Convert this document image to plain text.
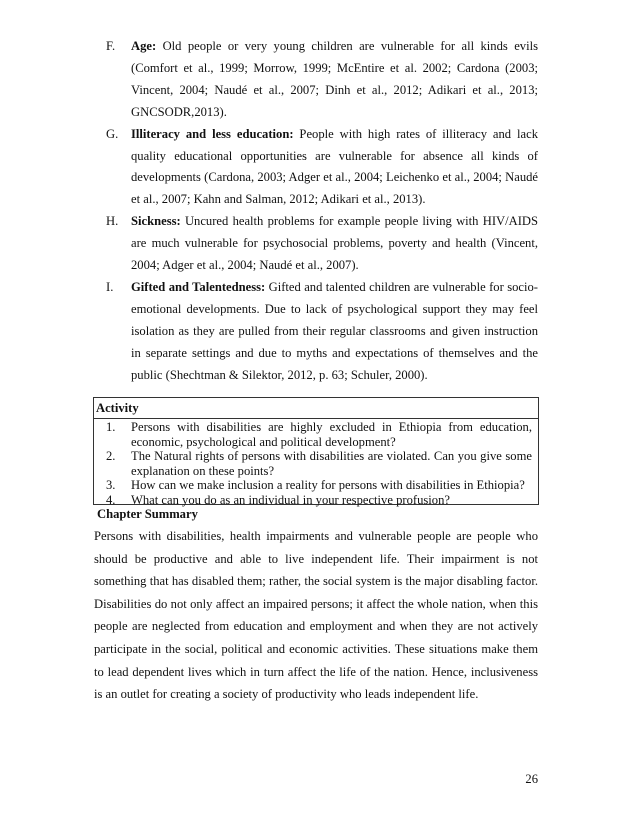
F. Age: Old people or very young children are vulnerable for all kinds evils (Comfort et al., 1999; Morrow, 1999; McEntire et al. 2002; Cardona (2003; Vincent, 2004; Naudé et al., 2007; Dinh et al., 2012; Adikari et al., 2013; GNCSODR,2013).
G. Illiteracy and less education: People with high rates of illiteracy and lack quality educational opportunities are vulnerable for absence all kinds of developments (Cardona, 2003; Adger et al., 2004; Leichenko et al., 2004; Naudé et al., 2007; Kahn and Salman, 2012; Adikari et al., 2013).
H. Sickness: Uncured health problems for example people living with HIV/AIDS are much vulnerable for psychosocial problems, poverty and health (Vincent, 2004; Adger et al., 2004; Naudé et al., 2007).
I. Gifted and Talentedness: Gifted and talented children are vulnerable for socio-emotional developments. Due to lack of psychological support they may feel isolation as they are pulled from their regular classrooms and given instruction in separate settings and due to myths and expectations of themselves and the public (Shechtman & Silektor, 2012, p. 63; Schuler, 2000).
Activity
1. Persons with disabilities are highly excluded in Ethiopia from education, economic, psychological and political development?
2. The Natural rights of persons with disabilities are violated. Can you give some explanation on these points?
3. How can we make inclusion a reality for persons with disabilities in Ethiopia?
4. What can you do as an individual in your respective profusion?
Chapter Summary

Persons with disabilities, health impairments and vulnerable people are people who should be productive and able to live independent life. Their impairment is not something that has disabled them; rather, the social system is the major disabling factor. Disabilities do not only affect an impaired persons; it affect the whole nation, when this people are neglected from education and employment and when they are not actively participate in the social, political and economic activities. These situations make them to lead dependent lives which in turn affect the life of the nation. Hence, inclusiveness is an outlet for creating a society of productivity who leads independent life.

26
